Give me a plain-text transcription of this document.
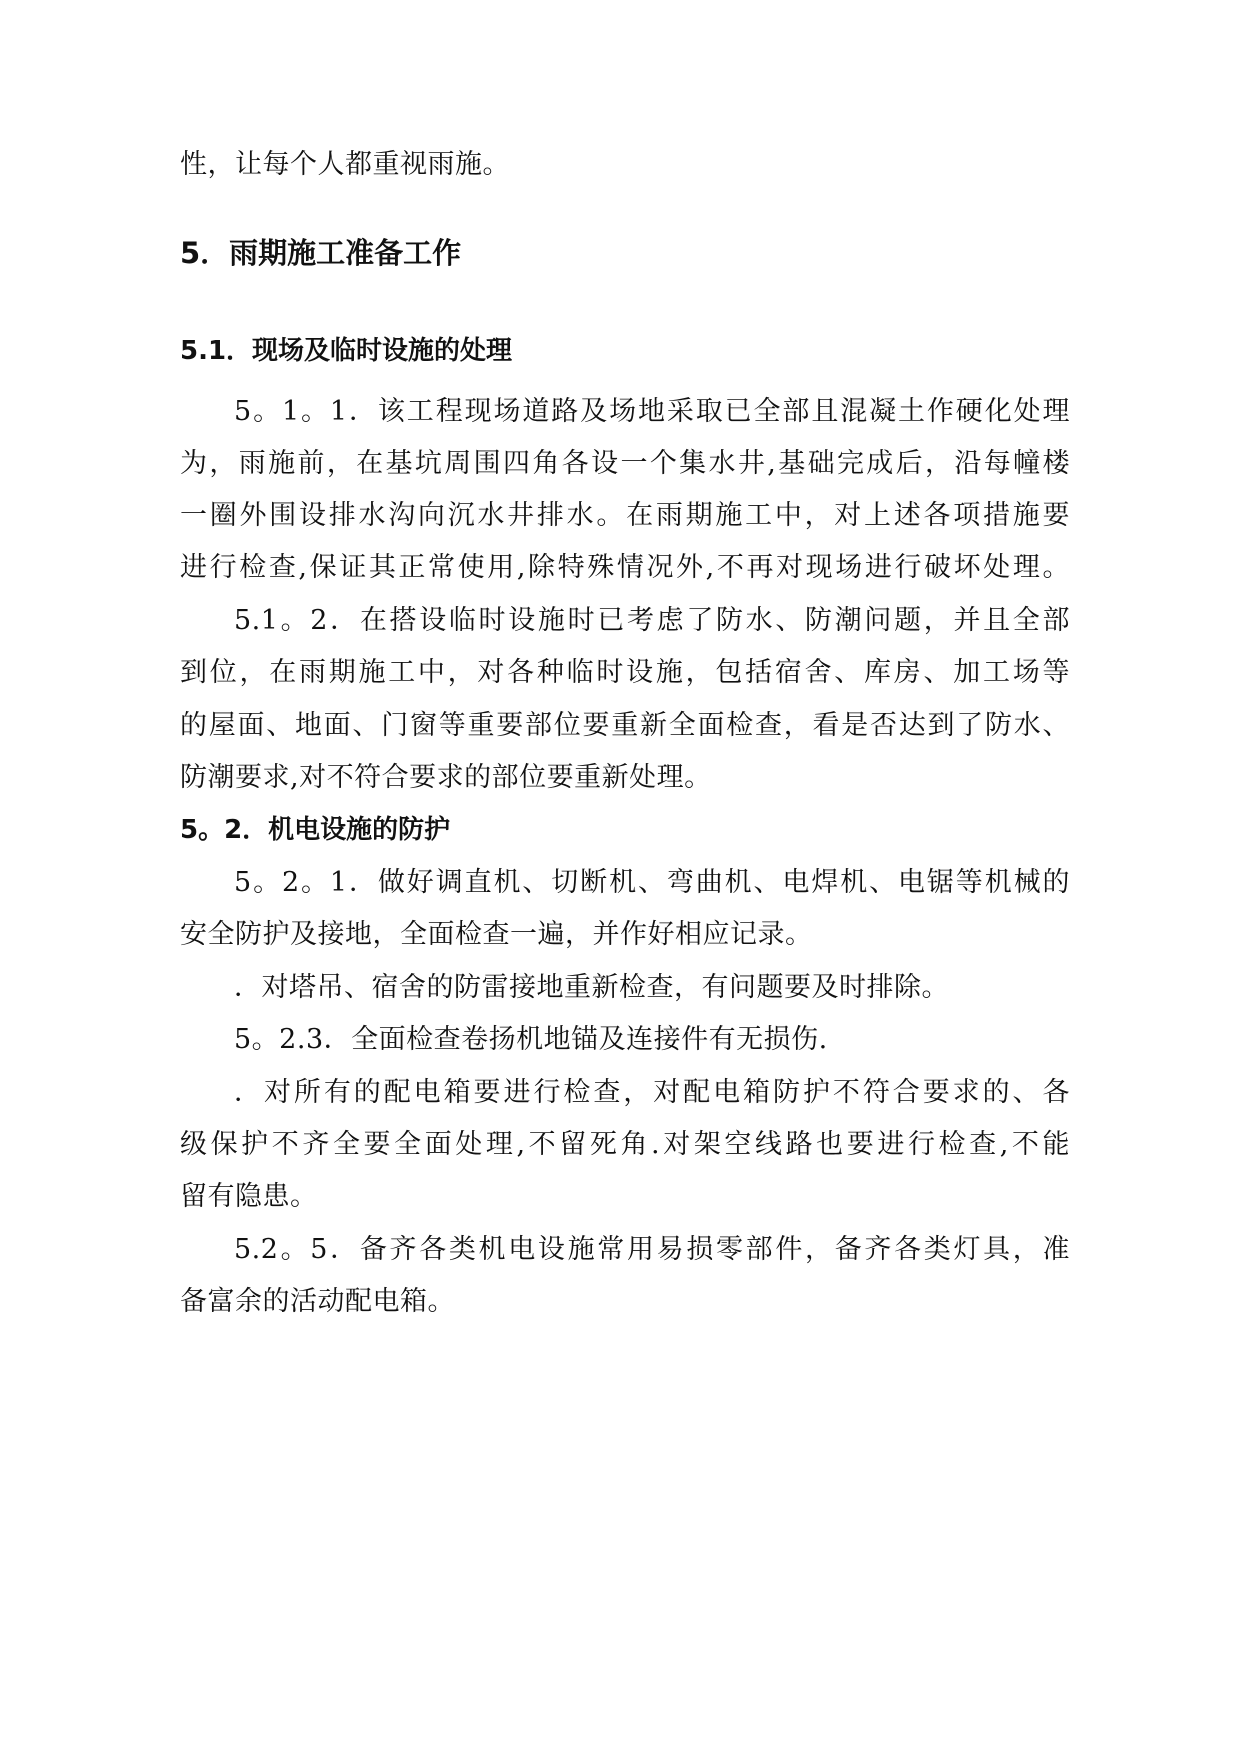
性，让每个人都重视雨施。
5．雨期施工准备工作
5.1．现场及临时设施的处理
5。1。1．该工程现场道路及场地采取已全部且混凝土作硬化处理
为，雨施前，在基坑周围四角各设一个集水井,基础完成后，沿每幢楼
一圈外围设排水沟向沉水井排水。在雨期施工中，对上述各项措施要
进行检查,保证其正常使用,除特殊情况外,不再对现场进行破坏处理。
5.1。2．在搭设临时设施时已考虑了防水、防潮问题，并且全部
到位，在雨期施工中，对各种临时设施，包括宿舍、库房、加工场等
的屋面、地面、门窗等重要部位要重新全面检查，看是否达到了防水、
防潮要求,对不符合要求的部位要重新处理。
5。2．机电设施的防护
5。2。1．做好调直机、切断机、弯曲机、电焊机、电锯等机械的
安全防护及接地，全面检查一遍，并作好相应记录。
．对塔吊、宿舍的防雷接地重新检查，有问题要及时排除。
5。2.3．全面检查卷扬机地锚及连接件有无损伤.
．对所有的配电箱要进行检查，对配电箱防护不符合要求的、各
级保护不齐全要全面处理,不留死角.对架空线路也要进行检查,不能
留有隐患。
5.2。5．备齐各类机电设施常用易损零部件，备齐各类灯具，准
备富余的活动配电箱。
